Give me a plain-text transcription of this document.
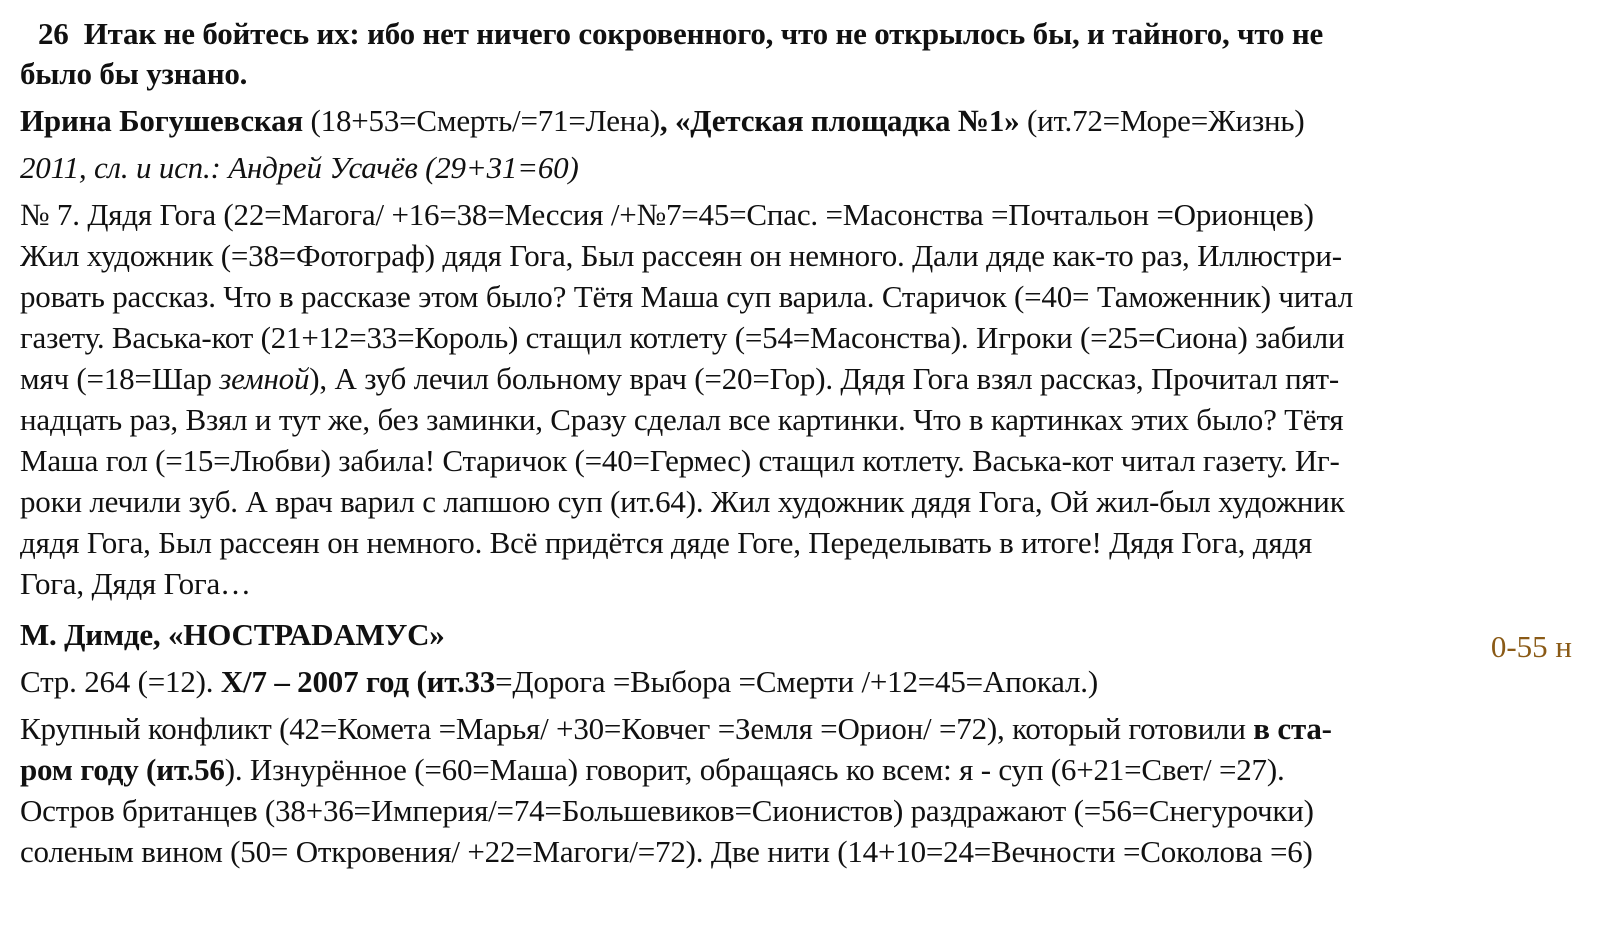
26 Итак не бойтесь их: ибо нет ничего сокровенного, что не открылось бы, и тайного, что не
было бы узнано.
Ирина Богушевская (18+53=Смерть/=71=Лена), «Детская площадка №1» (ит.72=Море=Жизнь)
2011, сл. и исп.: Андрей Усачёв (29+31=60)
№ 7. Дядя Гога (22=Магога/ +16=38=Мессия /+№7=45=Спас. =Масонства =Почтальон =Орионцев)
Жил художник (=38=Фотограф) дядя Гога, Был рассеян он немного. Дали дяде как-то раз, Иллюстри-
ровать рассказ. Что в рассказе этом было? Тётя Маша суп варила. Старичок (=40= Таможенник) читал
газету. Васька-кот (21+12=33=Король) стащил котлету (=54=Масонства). Игроки (=25=Сиона) забили
мяч (=18=Шар земной), А зуб лечил больному врач (=20=Гор). Дядя Гога взял рассказ, Прочитал пят-
надцать раз, Взял и тут же, без заминки, Сразу сделал все картинки. Что в картинках этих было? Тётя
Маша гол (=15=Любви) забила! Старичок (=40=Гермес) стащил котлету. Васька-кот читал газету. Иг-
роки лечили зуб. А врач варил с лапшою суп (ит.64). Жил художник дядя Гога, Ой жил-был художник
дядя Гога, Был рассеян он немного. Всё придётся дяде Гоге, Переделывать в итоге! Дядя Гога, дядя
Гога, Дядя Гога…
М. Димде, «НОСТРАDАМУС»
Стр. 264 (=12). Х/7 – 2007 год (ит.33=Дорога =Выбора =Смерти /+12=45=Апокал.)
Крупный конфликт (42=Комета =Марья/ +30=Ковчег =Земля =Орион/ =72), который готовили в ста-
ром году (ит.56). Изнурённое (=60=Маша) говорит, обращаясь ко всем: я - суп (6+21=Свет/ =27).
Остров британцев (38+36=Империя/=74=Большевиков=Сионистов) раздражают (=56=Снегурочки)
соленым вином (50= Откровения/ +22=Магоги/=72). Две нити (14+10=24=Вечности =Соколова =6)
0-55 н
